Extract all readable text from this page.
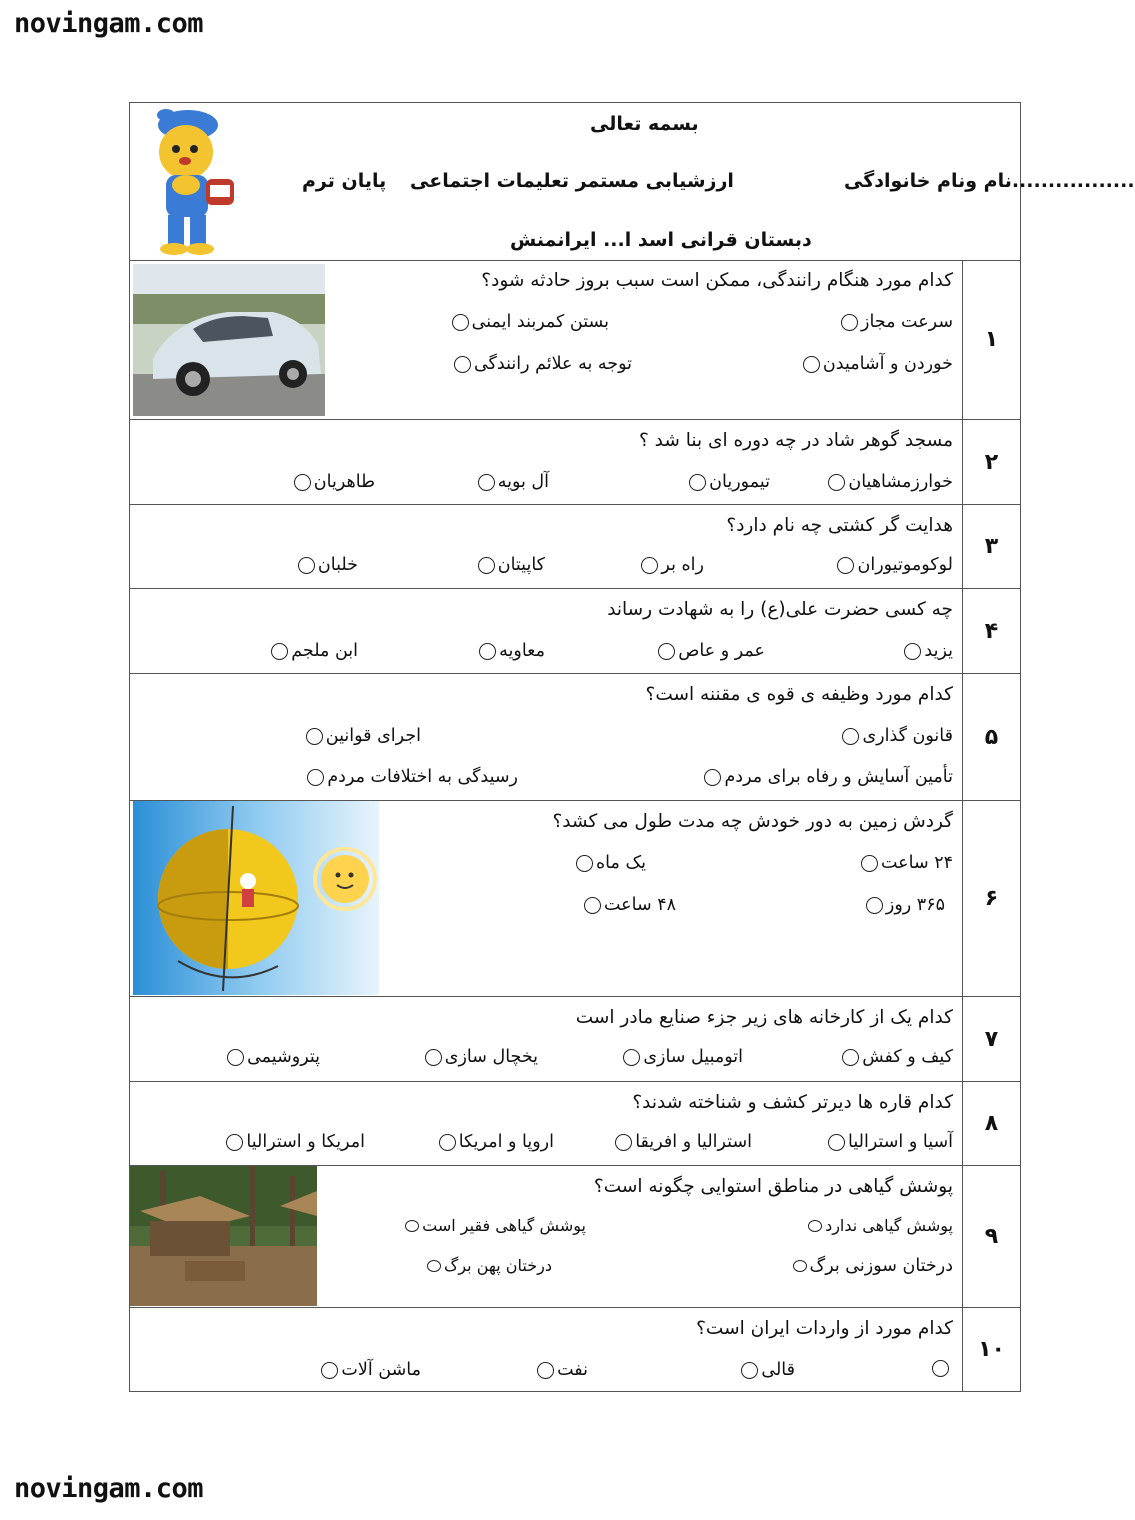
novingam.com
بسمه تعالی
نام ونام خانوادگی.................
ارزشیابی مستمر تعلیمات اجتماعی
پایان ترم
دبستان قرانی اسد ا... ایرانمنش
کدام مورد هنگام رانندگی، ممکن است سبب بروز حادثه شود؟
سرعت مجاز
بستن کمربند ایمنی
خوردن و آشامیدن
توجه به علائم رانندگی
۱
مسجد گوهر شاد در چه دوره ای بنا شد ؟
خوارزمشاهیان
تیموریان
آل بویه
طاهریان
۲
هدایت گر کشتی چه نام دارد؟
لوکوموتیوران
راه بر
کاپیتان
خلبان
۳
چه کسی حضرت علی(ع) را به شهادت رساند
یزید
عمر و عاص
معاویه
ابن ملجم
۴
کدام مورد وظیفه ی قوه ی مقننه است؟
قانون گذاری
اجرای قوانین
تأمین آسایش و رفاه برای مردم
رسیدگی به اختلافات مردم
۵
گردش زمین به دور خودش چه مدت طول می کشد؟
۲۴ ساعت
یک ماه
۳۶۵ روز
۴۸ ساعت	۶
کدام یک از کارخانه های زیر جزء صنایع مادر است
کیف و کفش
اتومبیل سازی
یخچال سازی
پتروشیمی
۷
کدام قاره ها دیرتر کشف و شناخته شدند؟
آسیا و استرالیا
استرالیا و افریقا
اروپا و امریکا
امریکا و استرالیا
۸
پوشش گیاهی در مناطق استوایی چگونه است؟
پوشش گیاهی ندارد
پوشش گیاهی فقیر است
درختان سوزنی برگ
درختان پهن برگ
۹
کدام مورد از واردات ایران است؟
قالی
نفت
ماشن آلات
۱۰
novingam.com
